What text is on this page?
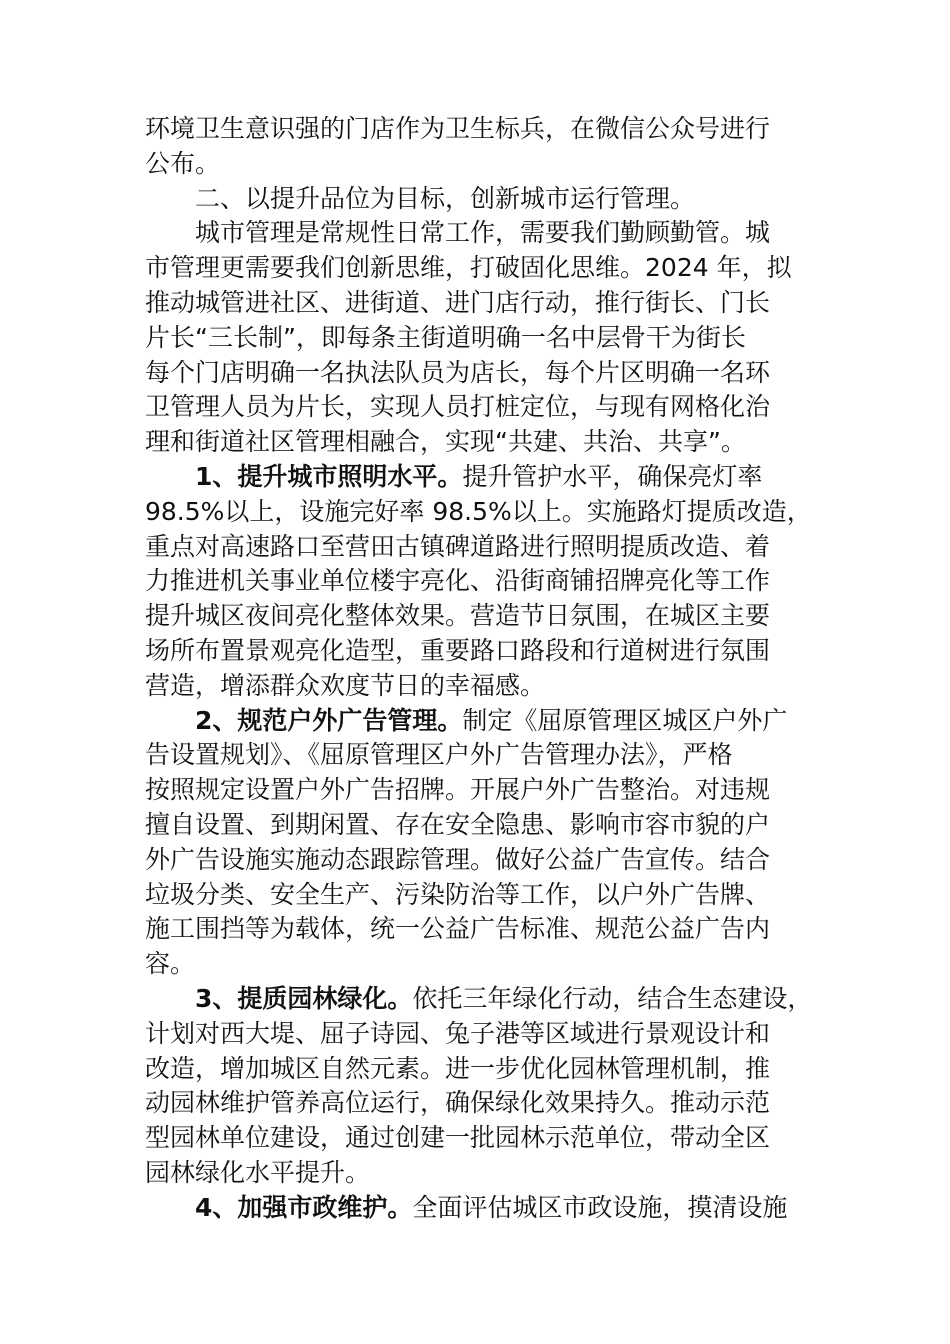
环境卫生意识强的门店作为卫生标兵，在微信公众号进行
公布。
二、以提升品位为目标，创新城市运行管理。
城市管理是常规性日常工作，需要我们勤顾勤管。城
市管理更需要我们创新思维，打破固化思维。2024 年，拟
推动城管进社区、进街道、进门店行动，推行街长、门长
片长“三长制”，即每条主街道明确一名中层骨干为街长
每个门店明确一名执法队员为店长，每个片区明确一名环
卫管理人员为片长，实现人员打桩定位，与现有网格化治
理和街道社区管理相融合，实现“共建、共治、共享”。
1、提升城市照明水平。提升管护水平，确保亮灯率
98.5%以上，设施完好率 98.5%以上。实施路灯提质改造，
重点对高速路口至营田古镇碑道路进行照明提质改造、着
力推进机关事业单位楼宇亮化、沿街商铺招牌亮化等工作
提升城区夜间亮化整体效果。营造节日氛围，在城区主要
场所布置景观亮化造型，重要路口路段和行道树进行氛围
营造，增添群众欢度节日的幸福感。
2、规范户外广告管理。制定《屈原管理区城区户外广
告设置规划》、《屈原管理区户外广告管理办法》，严格
按照规定设置户外广告招牌。开展户外广告整治。对违规
擅自设置、到期闲置、存在安全隐患、影响市容市貌的户
外广告设施实施动态跟踪管理。做好公益广告宣传。结合
垃圾分类、安全生产、污染防治等工作，以户外广告牌、
施工围挡等为载体，统一公益广告标准、规范公益广告内
容。
3、提质园林绿化。依托三年绿化行动，结合生态建设，
计划对西大堤、屈子诗园、兔子港等区域进行景观设计和
改造，增加城区自然元素。进一步优化园林管理机制，推
动园林维护管养高位运行，确保绿化效果持久。推动示范
型园林单位建设，通过创建一批园林示范单位，带动全区
园林绿化水平提升。
4、加强市政维护。全面评估城区市政设施，摸清设施
